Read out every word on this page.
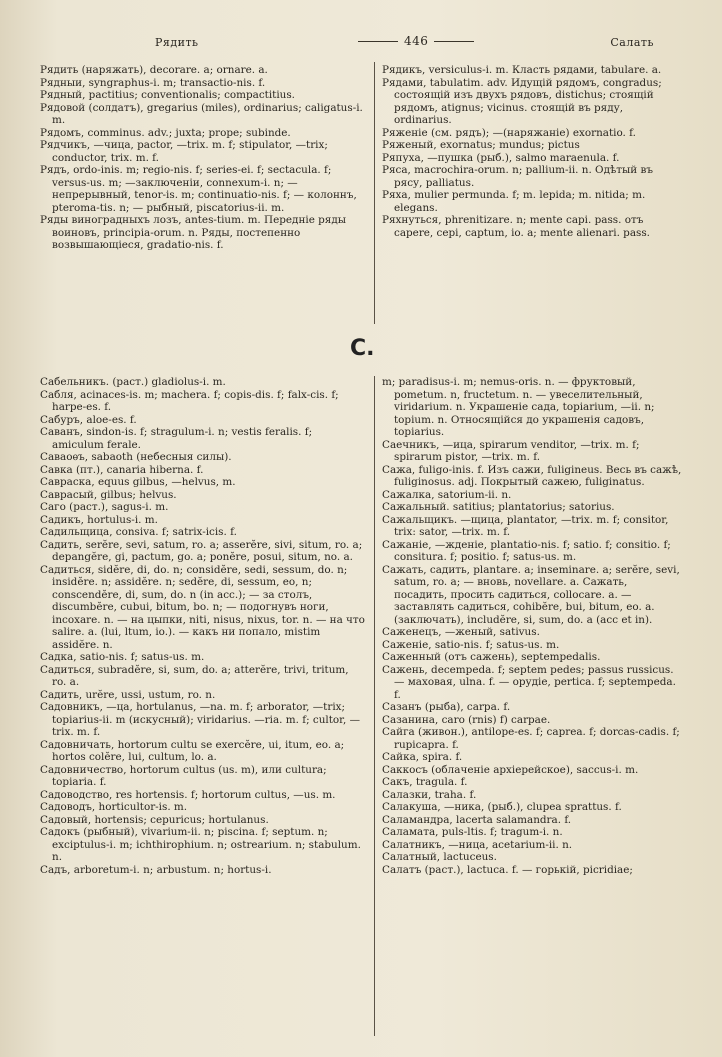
Рядить	446	Салать
Рядить (наряжать), decorare. a; ornare. a.
Рядныи, syngraphus-i. m; transactio-nis. f.
Рядный, pactitius; conventionalis; compactitius.
Рядовой (солдатъ), gregarius (miles), ordinarius; caligatus-i. m.
Рядомъ, comminus. adv.; juxta; prope; subinde.
Рядчикъ, —чица, pactor, —trix. m. f; stipulator, —trix; conductor, trix. m. f.
Рядъ, ordo-inis. m; regio-nis. f; series-ei. f; sectacula. f; versus-us. m; —заключенiи, connexum-i. n; — непрерывный, tenor-is. m; continuatio-nis. f; — колоннъ, pteroma-tis. n; — рыбный, piscatorius-ii. m.
Ряды виноградныхъ лозъ, antes-tium. m. Передніе ряды воиновъ, principia-orum. n. Ряды, постепенно возвышающіеся, gradatio-nis. f.
Рядикъ, versiculus-i. m. Класть рядами, tabulare. a.
Рядами, tabulatim. adv. Идущій рядомъ, congradus; состоящій изъ двухъ рядовъ, distichus; стоящій рядомъ, atignus; vicinus. стоящій въ ряду, ordinarius.
Ряженіе (см. рядъ); —(наряжаніе) exornatio. f.
Ряженый, exornatus; mundus; pictus
Ряпуха, —пушка (рыб.), salmo maraenula. f.
Ряса, macrochira-orum. n; pallium-ii. n. Одѣтый въ рясу, palliatus.
Ряха, mulier permunda. f; m. lepida; m. nitida; m. elegans.
Ряхнуться, phrenitizare. n; mente capi. pass. отъ capere, cepi, captum, io. a; mente alienari. pass.
С.
Сабельникъ. (раст.) gladiolus-i. m.
Сабля, acinaces-is. m; machera. f; copis-dis. f; falx-cis. f; harpe-es. f.
Сабуръ, aloe-es. f.
Саванъ, sindon-is. f; stragulum-i. n; vestis feralis. f; amiculum ferale.
Саваоѳъ, sabaoth (небесныя силы).
Савка (пт.), canaria hiberna. f.
Савраска, equus gilbus, —helvus, m.
Саврасый, gilbus; helvus.
Саго (раст.), sagus-i. m.
Садикъ, hortulus-i. m.
Садильщица, consiva. f; satrix-icis. f.
Садить, serĕre, sevi, satum, ro. a; asserĕre, sivi, situm, ro. a; depangĕre, gi, pactum, go. a; ponĕre, posui, situm, no. a.
Садиться, sidĕre, di, do. n; considĕre, sedi, sessum, do. n; insidĕre. n; assidĕre. n; sedĕre, di, sessum, eo, n; conscendĕre, di, sum, do. n (in acc.); — за столъ, discumbĕre, cubui, bitum, bo. n; — подогнувъ ноги, incoxare. n. — на цыпки, niti, nisus, nixus, tor. n. — на что salire. a. (lui, ltum, io.). — какъ ни попало, mistim assidĕre. n.
Садка, satio-nis. f; satus-us. m.
Садиться, subradĕre, si, sum, do. a; atterĕre, trivi, tritum, ro. a.
Садить, urĕre, ussi, ustum, ro. n.
Садовникъ, —ца, hortulanus, —na. m. f; arborator, —trix; topiarius-ii. m (искусный); viridarius. —ria. m. f; cultor, —trix. m. f.
Садовничать, hortorum cultu se exercĕre, ui, itum, eo. a; hortos colĕre, lui, cultum, lo. a.
Садовничество, hortorum cultus (us. m), или cultura; topiaria. f.
Садоводство, res hortensis. f; hortorum cultus, —us. m.
Садоводъ, horticultor-is. m.
Садовый, hortensis; cepuricus; hortulanus.
Садокъ (рыбный), vivarium-ii. n; piscina. f; septum. n; exciptulus-i. m; ichthirophium. n; ostrearium. n; stabulum. n.
Садъ, arboretum-i. n; arbustum. n; hortus-i.
m; paradisus-i. m; nemus-oris. n. — фруктовый, pometum. n, fructetum. n. — увеселительный, viridarium. n. Украшеніе сада, topiarium, —ii. n; topium. n. Относящійся до украшенія садовъ, topiarius.
Саечникъ, —ица, spirarum venditor, —trix. m. f; spirarum pistor, —trix. m. f.
Сажа, fuligo-inis. f. Изъ сажи, fuligineus. Весь въ сажѣ, fuliginosus. adj. Покрытый сажею, fuliginatus.
Сажалка, satorium-ii. n.
Сажальный. satitius; plantatorius; satorius.
Сажальщикъ. —щица, plantator, —trix. m. f; consitor, trix: sator, —trix. m. f.
Сажаніе, —жденіе, plantatio-nis. f; satio. f; consitio. f; consitura. f; positio. f; satus-us. m.
Сажать, садить, plantare. a; inseminare. a; serĕre, sevi, satum, ro. a; — вновь, novellare. a. Сажать, посадить, просить садиться, collocare. a. — заставлять садиться, cohibĕre, bui, bitum, eo. a. (заключать), includĕre, si, sum, do. a (acc et in).
Саженецъ, —женый, sativus.
Саженіе, satio-nis. f; satus-us. m.
Саженный (отъ сажень), septempedalis.
Сажень, decempeda. f; septem pedes; passus russicus. — маховая, ulna. f. — орудіе, pertica. f; septempeda. f.
Сазанъ (рыба), carpa. f.
Сазанина, caro (rnis) f) carpae.
Сайга (живон.), antilope-es. f; caprea. f; dorcas-cadis. f; rupicapra. f.
Сайка, spira. f.
Саккосъ (облаченіе архіерейское), saccus-i. m.
Сакъ, tragula. f.
Салазки, traha. f.
Салакуша, —ника, (рыб.), clupea sprattus. f.
Саламандра, lacerta salamandra. f.
Саламата, puls-ltis. f; tragum-i. n.
Салатникъ, —ница, acetarium-ii. n.
Салатный, lactuceus.
Салатъ (раст.), lactuca. f. — горькій, picridiae;
